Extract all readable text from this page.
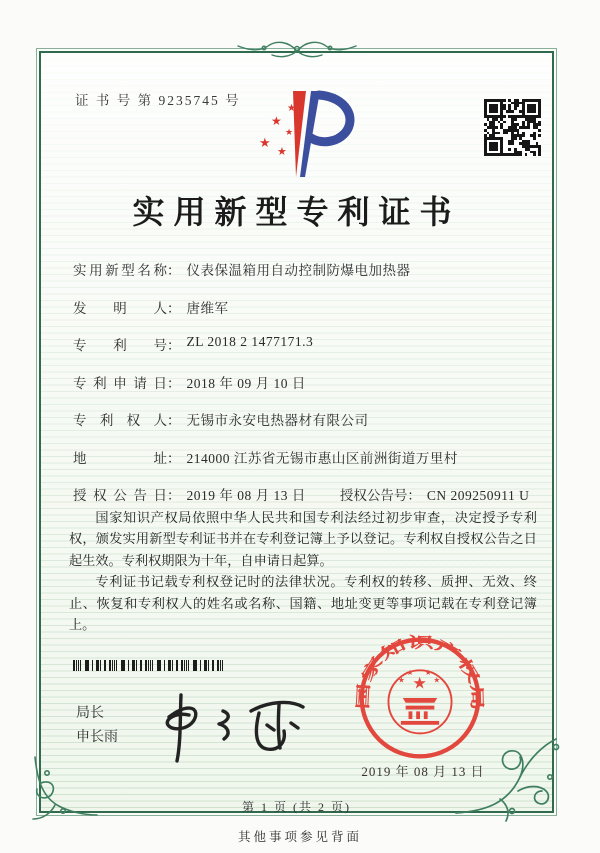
证 书 号 第 9235745 号
★
★
★
★
★
实用新型专利证书
实用新型名称 ： 仪表保温箱用自动控制防爆电加热器
发明人 ： 唐维军
专利号 ： ZL 2018 2 1477171.3
专利申请日 ： 2018 年 09 月 10 日
专利权人 ： 无锡市永安电热器材有限公司
地址 ： 214000 江苏省无锡市惠山区前洲街道万里村
授权公告日 ： 2019 年 08 月 13 日	授权公告号： CN 209250911 U

国家知识产权局依照中华人民共和国专利法经过初步审查，决定授予专利权，颁发实用新型专利证书并在专利登记簿上予以登记。专利权自授权公告之日起生效。专利权期限为十年，自申请日起算。

专利证书记载专利权登记时的法律状况。专利权的转移、质押、无效、终止、恢复和专利权人的姓名或名称、国籍、地址变更等事项记载在专利登记簿上。

局长
申长雨
国家知识产权局
★
★
★ ★
★
2019 年 08 月 13 日
第 1 页 (共 2 页)
其他事项参见背面
